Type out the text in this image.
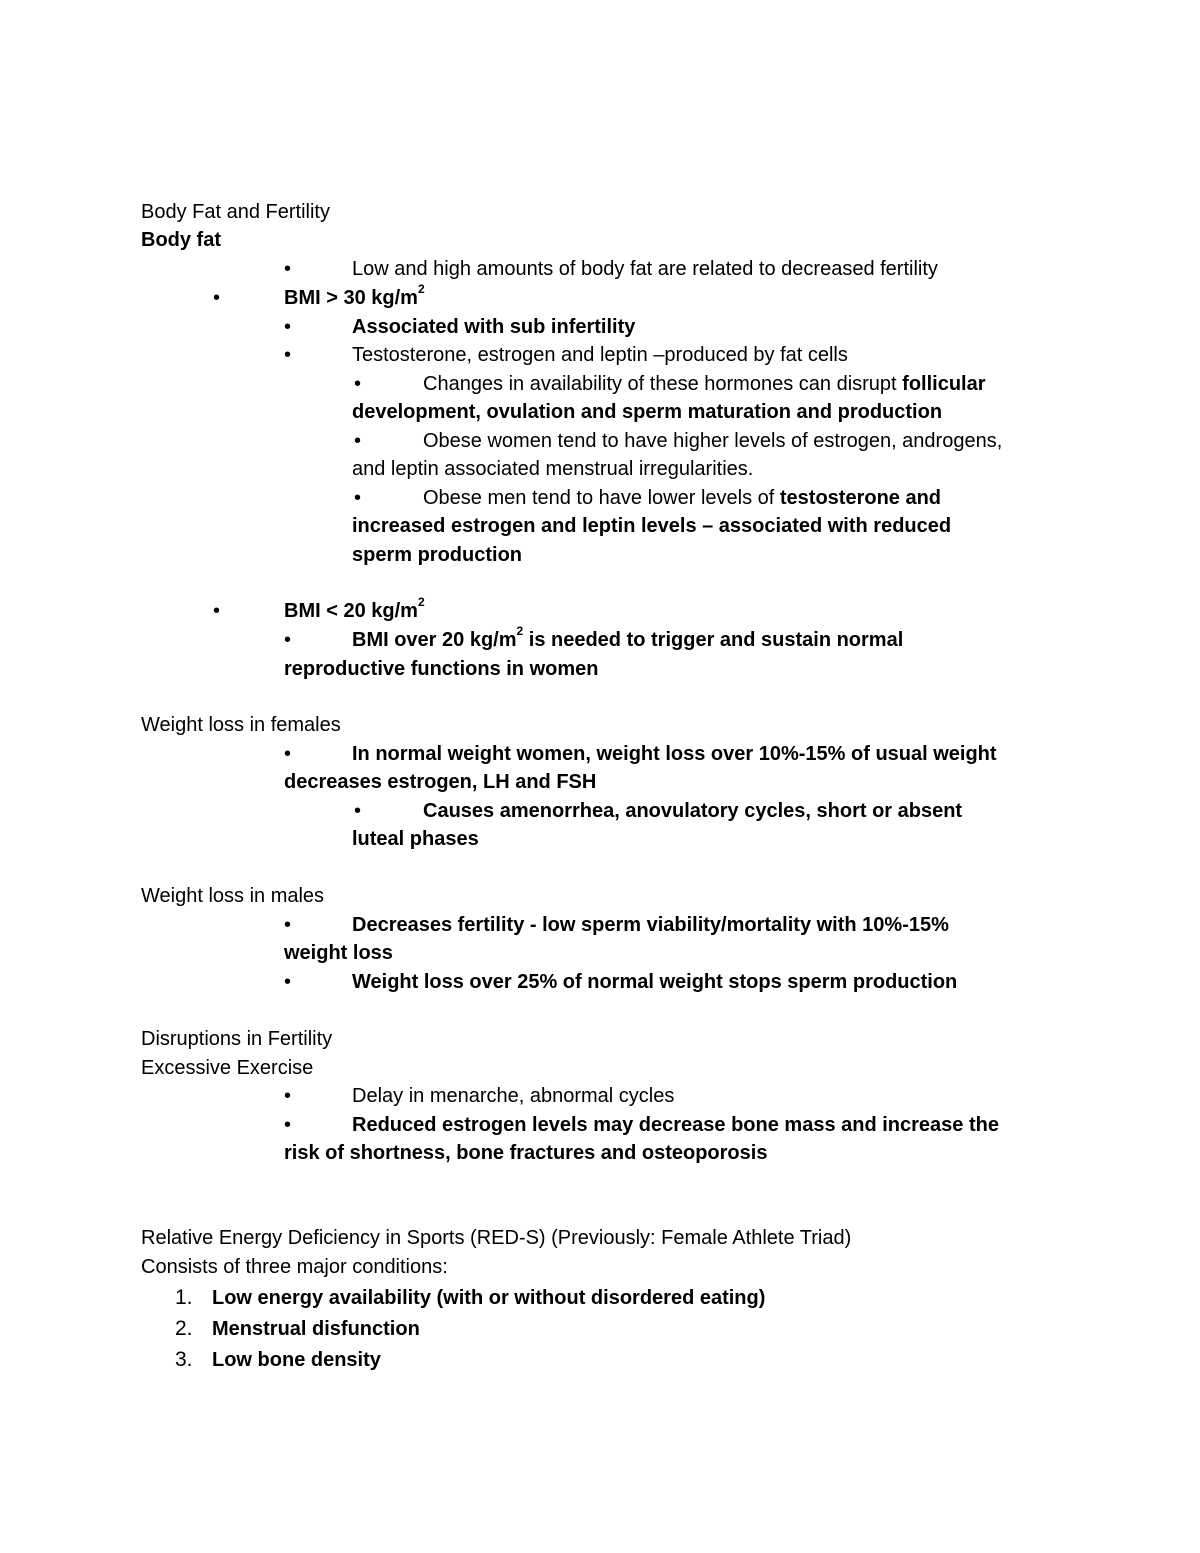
Body Fat and Fertility
Body fat
•	Low and high amounts of body fat are related to decreased fertility
•	BMI > 30 $kg/m^2$
•	Associated with sub infertility
•	Testosterone, estrogen and leptin –produced by fat cells
•	Changes in availability of these hormones can disrupt follicular
development, ovulation and sperm maturation and production
•	Obese women tend to have higher levels of estrogen, androgens,
and leptin associated menstrual irregularities.
•	Obese men tend to have lower levels of testosterone and
increased estrogen and leptin levels – associated with reduced
sperm production
•	BMI < 20 $kg/m^2$
•	BMI over 20 $kg/m^2$ is needed to trigger and sustain normal
reproductive functions in women
Weight loss in females
•	In normal weight women, weight loss over 10%-15% of usual weight
decreases estrogen, LH and FSH
•	Causes amenorrhea, anovulatory cycles, short or absent
luteal phases
Weight loss in males
•	Decreases fertility - low sperm viability/mortality with 10%-15%
weight loss
•	Weight loss over 25% of normal weight stops sperm production
Disruptions in Fertility
Excessive Exercise
•	Delay in menarche, abnormal cycles
•	Reduced estrogen levels may decrease bone mass and increase the
risk of shortness, bone fractures and osteoporosis
Relative Energy Deficiency in Sports (RED-S) (Previously: Female Athlete Triad)
Consists of three major conditions:
1. Low energy availability (with or without disordered eating)
2. Menstrual disfunction
3. Low bone density
